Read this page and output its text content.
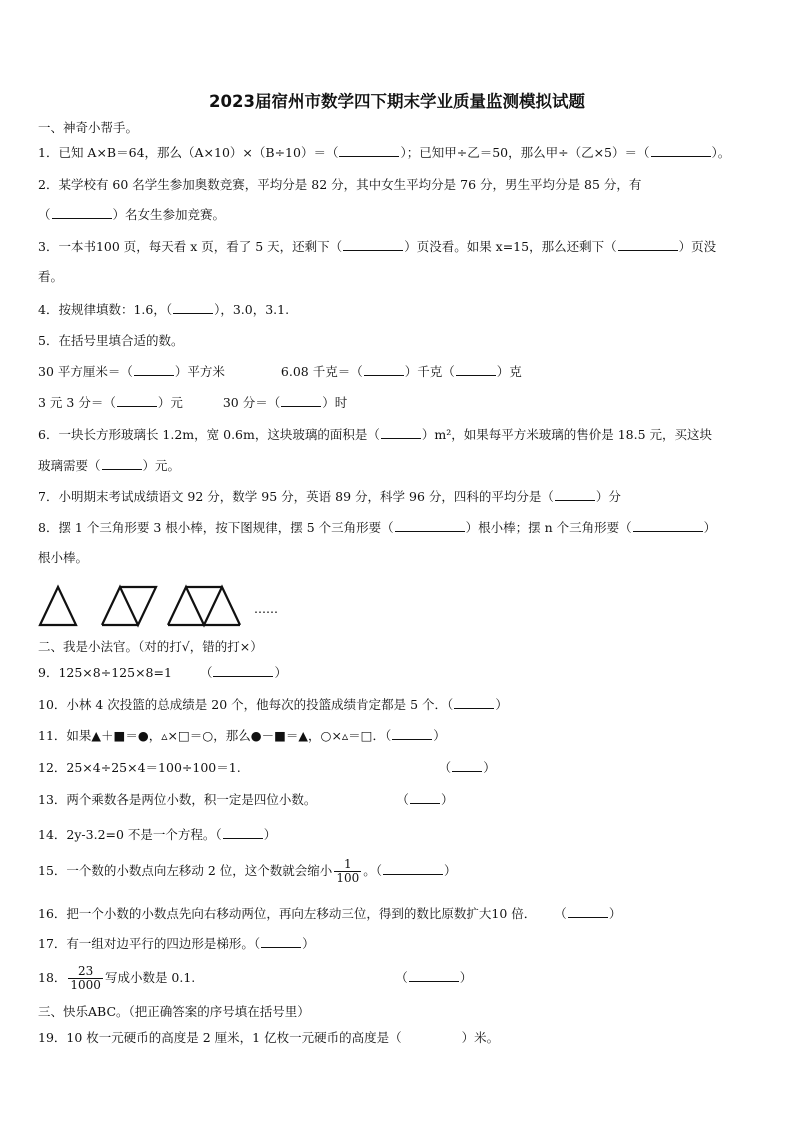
2023届宿州市数学四下期末学业质量监测模拟试题
一、神奇小帮手。
1．已知 A×B＝64，那么（A×10）×（B÷10）＝（	）；已知甲÷乙＝50，那么甲÷（乙×5）＝（	）。
2．某学校有 60 名学生参加奥数竞赛，平均分是 82 分，其中女生平均分是 76 分，男生平均分是 85 分，有
（	）名女生参加竞赛。
3．一本书100 页，每天看 x 页，看了 5 天，还剩下（	）页没看。如果 x=15，那么还剩下（	）页没
看。
4．按规律填数：1.6，（	），3.0，3.1.
5．在括号里填合适的数。
30 平方厘米＝（	）平方米	6.08 千克＝（	）千克（	）克
3 元 3 分＝（	）元	30 分＝（	）时
6．一块长方形玻璃长 1.2m，宽 0.6m，这块玻璃的面积是（	）m²，如果每平方米玻璃的售价是 18.5 元，买这块
玻璃需要（	）元。
7．小明期末考试成绩语文 92 分，数学 95 分，英语 89 分，科学 96 分，四科的平均分是（	）分
8．摆 1 个三角形要 3 根小棒，按下图规律，摆 5 个三角形要（	）根小棒；摆 n 个三角形要（	）
根小棒。
……
二、我是小法官。（对的打√，错的打×）
9．125×8÷125×8=1 （	）
10．小林 4 次投篮的总成绩是 20 个，他每次的投篮成绩肯定都是 5 个．（	）
11．如果▲＋■＝●，▵×□＝○，那么●－■＝▲，○×▵＝□．（	）
12．25×4÷25×4＝100÷100＝1.	（	）
13．两个乘数各是两位小数，积一定是四位小数。	（	）
14．2y-3.2=0 不是一个方程。（	）
15．一个数的小数点向左移动 2 位，这个数就会缩小 $\frac{1}{100}$ 。（	）
16．把一个小数的小数点先向右移动两位，再向左移动三位，得到的数比原数扩大10 倍． （	）
17．有一组对边平行的四边形是梯形。（	）
18． $\frac{23}{1000}$ 写成小数是 0.1.	（	）
三、快乐ABC。（把正确答案的序号填在括号里）
19．10 枚一元硬币的高度是 2 厘米，1 亿枚一元硬币的高度是（	）米。
